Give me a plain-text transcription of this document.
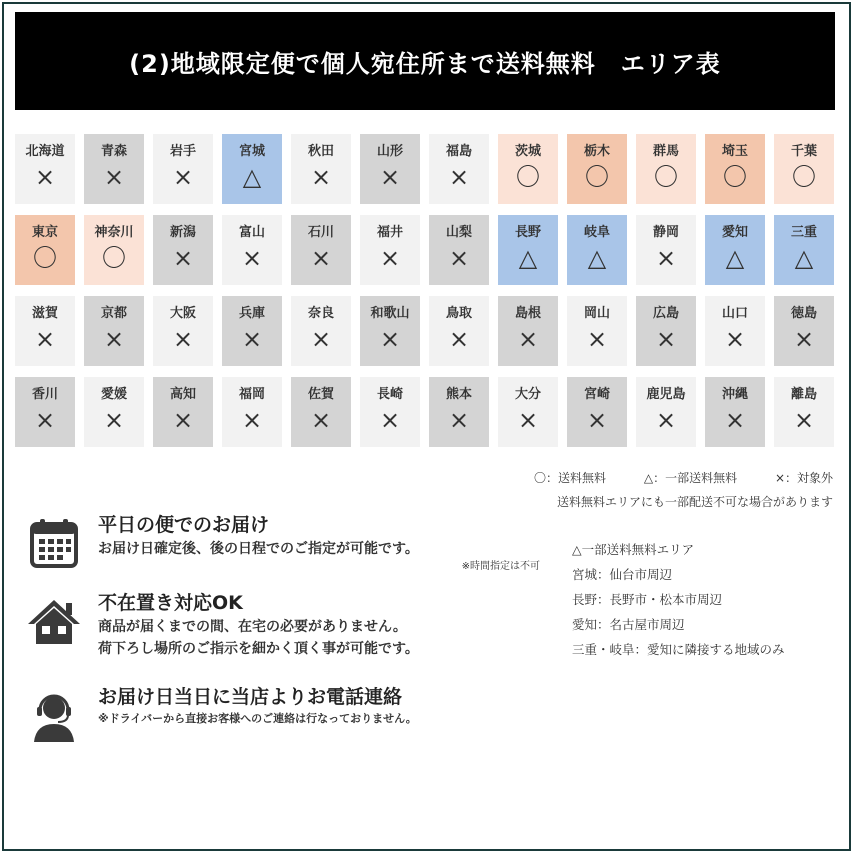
(2)地域限定便で個人宛住所まで送料無料　エリア表
北海道
×
青森
×
岩手
×
宮城
△
秋田
×
山形
×
福島
×
茨城
〇
栃木
〇
群馬
〇
埼玉
〇
千葉
〇
東京
〇
神奈川
〇
新潟
×
富山
×
石川
×
福井
×
山梨
×
長野
△
岐阜
△
静岡
×
愛知
△
三重
△
滋賀
×
京都
×
大阪
×
兵庫
×
奈良
×
和歌山
×
鳥取
×
島根
×
岡山
×
広島
×
山口
×
徳島
×
香川
×
愛媛
×
高知
×
福岡
×
佐賀
×
長崎
×
熊本
×
大分
×
宮崎
×
鹿児島
×
沖縄
×
離島
×
〇：送料無料	△：一部送料無料	×：対象外
送料無料エリアにも一部配送不可な場合があります
平日の便でのお届け
お届け日確定後、後の日程でのご指定が可能です。
※時間指定は不可
不在置き対応OK
商品が届くまでの間、在宅の必要がありません。
荷下ろし場所のご指示を細かく頂く事が可能です。
お届け日当日に当店よりお電話連絡
※ドライバーから直接お客様へのご連絡は行なっておりません。
△一部送料無料エリア
宮城：仙台市周辺
長野：長野市・松本市周辺
愛知：名古屋市周辺
三重・岐阜：愛知に隣接する地域のみ
